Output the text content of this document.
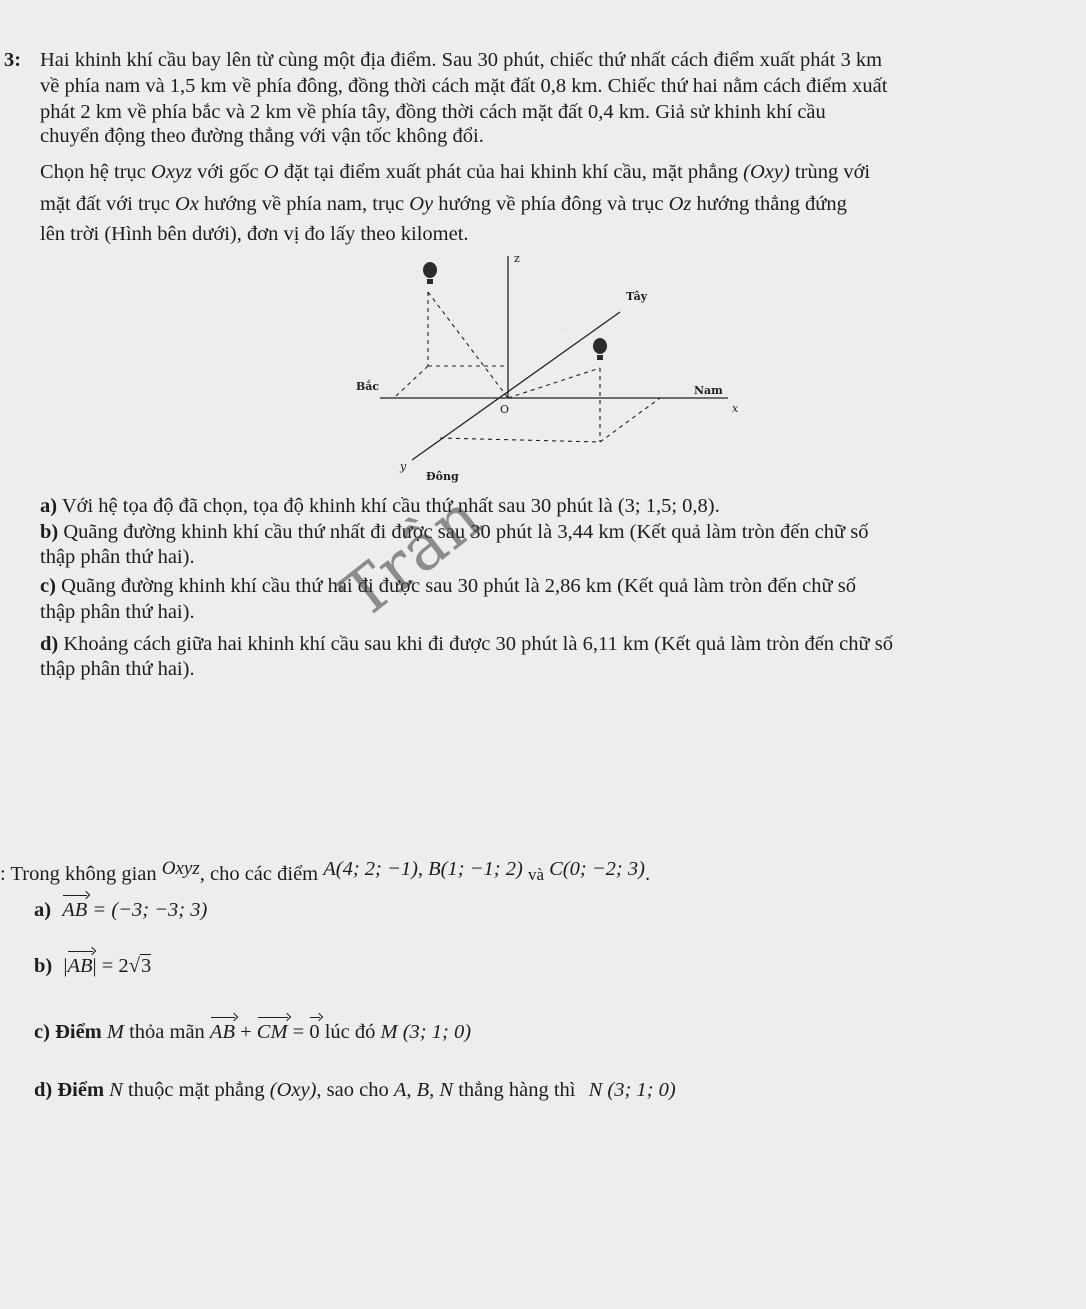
~
3: Hai khinh khí cầu bay lên từ cùng một địa điểm. Sau 30 phút, chiếc thứ nhất cách điểm xuất phát 3 km
về phía nam và 1,5 km về phía đông, đồng thời cách mặt đất 0,8 km. Chiếc thứ hai nằm cách điểm xuất
phát 2 km về phía bắc và 2 km về phía tây, đồng thời cách mặt đất 0,4 km. Giả sử khinh khí cầu
chuyển động theo đường thẳng với vận tốc không đổi.
Chọn hệ trục Oxyz với gốc O đặt tại điểm xuất phát của hai khinh khí cầu, mặt phẳng (Oxy) trùng với
mặt đất với trục Ox hướng về phía nam, trục Oy hướng về phía đông và trục Oz hướng thẳng đứng
lên trời (Hình bên dưới), đơn vị đo lấy theo kilomet.
z
Tây
Bắc	Nam
x
O
y
Đông
a) Với hệ tọa độ đã chọn, tọa độ khinh khí cầu thứ nhất sau 30 phút là (3; 1,5; 0,8).
b) Quãng đường khinh khí cầu thứ nhất đi được sau 30 phút là 3,44 km (Kết quả làm tròn đến chữ số
thập phân thứ hai).
c) Quãng đường khinh khí cầu thứ hai đi được sau 30 phút là 2,86 km (Kết quả làm tròn đến chữ số
thập phân thứ hai).
d) Khoảng cách giữa hai khinh khí cầu sau khi đi được 30 phút là 6,11 km (Kết quả làm tròn đến chữ số
thập phân thứ hai).
Trần
: Trong không gian Oxyz, cho các điểm A(4; 2; −1), B(1; −1; 2) và C(0; −2; 3).
a) AB = (−3; −3; 3)
b) |AB| = 2√3
c) Điểm M thỏa mãn AB + CM = 0 lúc đó M (3; 1; 0)
d) Điểm N thuộc mặt phẳng (Oxy), sao cho A, B, N thẳng hàng thì N (3; 1; 0)
